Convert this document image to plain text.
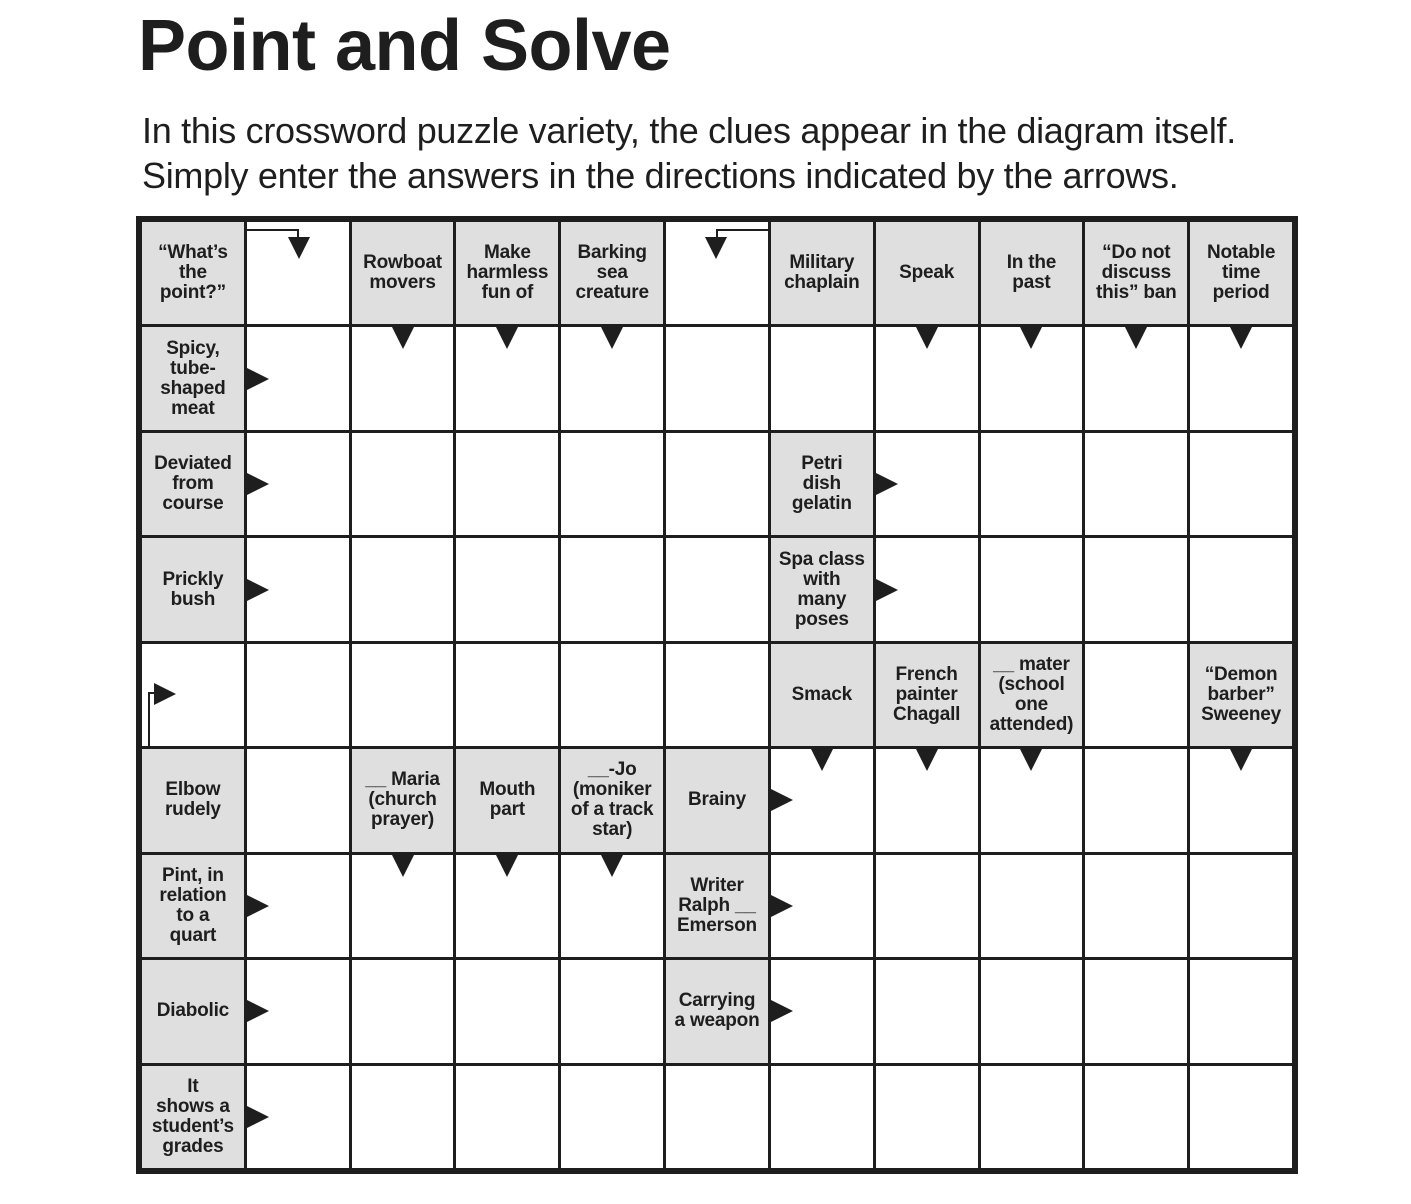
Point and Solve

In this crossword puzzle variety, the clues appear in the diagram itself.

Simply enter the answers in the directions indicated by the arrows.

“What’s
the
point?”
Rowboat
movers
Make
harmless
fun of
Barking
sea
creature
Military
chaplain Speak	In the
past
“Do not
discuss
this” ban
Notable
time
period
Spicy,
tube-
shaped
meat
Deviated
from
course
Petri
dish
gelatin
Prickly
bush
Spa class
with
many
poses
Smack
French
painter
Chagall
__ mater
(school
one
attended)
“Demon
barber”
Sweeney
Elbow
rudely
__ Maria
(church
prayer)
Mouth
part
__-Jo
(moniker
of a track
star)
Brainy
Pint, in
relation
to a
quart
Writer
Ralph __
Emerson
Diabolic	Carrying
a weapon
It
shows a
student’s
grades
